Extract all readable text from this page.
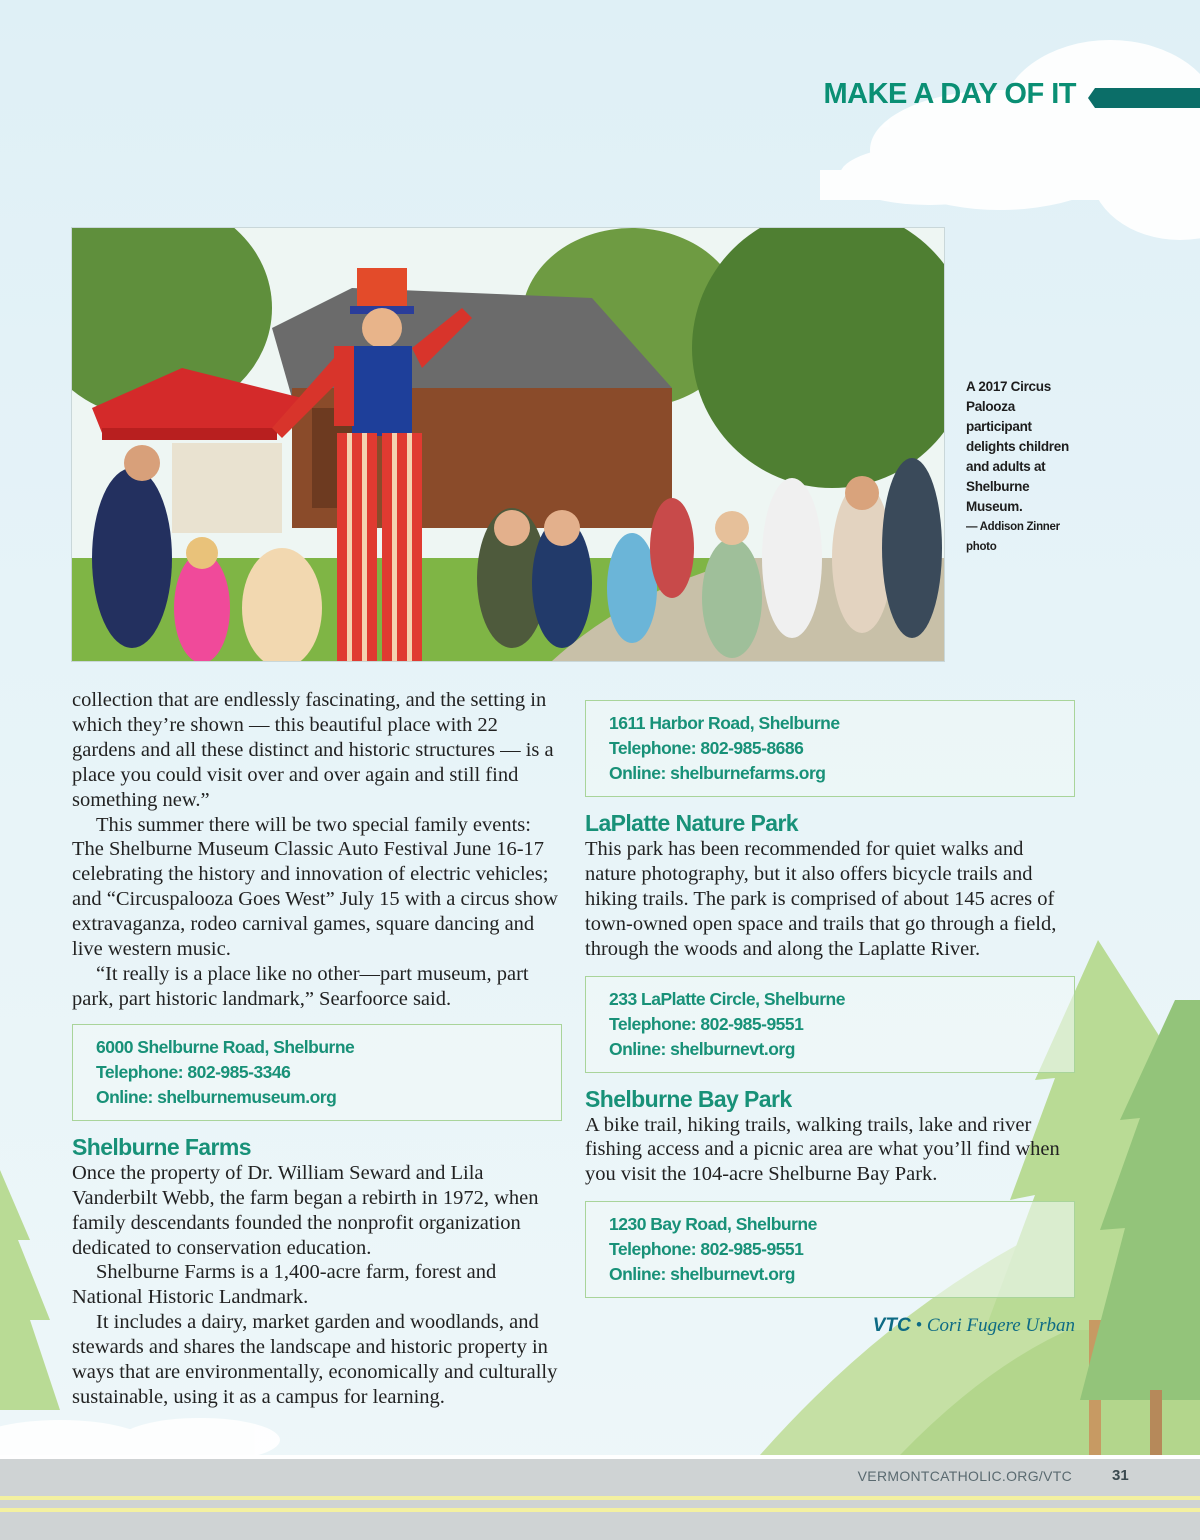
MAKE A DAY OF IT
A 2017 Circus Palooza participant delights children and adults at Shelburne Museum.
— Addison Zinner photo

collection that are endlessly fascinating, and the setting in which they’re shown — this beautiful place with 22 gardens and all these distinct and historic structures — is a place you could visit over and over again and still find something new.”

This summer there will be two special family events: The Shelburne Museum Classic Auto Festival June 16-17 celebrating the history and innovation of electric vehicles; and “Circuspalooza Goes West” July 15 with a circus show extravaganza, rodeo carnival games, square dancing and live western music.

“It really is a place like no other—part museum, part park, part historic landmark,” Searfoorce said.

6000 Shelburne Road, Shelburne
Telephone: 802-985-3346
Online: shelburnemuseum.org
Shelburne Farms

Once the property of Dr. William Seward and Lila Vanderbilt Webb, the farm began a rebirth in 1972, when family descendants founded the nonprofit organization dedicated to conservation education.

Shelburne Farms is a 1,400-acre farm, forest and National Historic Landmark.

It includes a dairy, market garden and woodlands, and stewards and shares the landscape and historic property in ways that are environmentally, economically and culturally sustainable, using it as a campus for learning.

1611 Harbor Road, Shelburne
Telephone: 802-985-8686
Online: shelburnefarms.org
LaPlatte Nature Park

This park has been recommended for quiet walks and nature photography, but it also offers bicycle trails and hiking trails. The park is comprised of about 145 acres of town-owned open space and trails that go through a field, through the woods and along the Laplatte River.

233 LaPlatte Circle, Shelburne
Telephone: 802-985-9551
Online: shelburnevt.org
Shelburne Bay Park

A bike trail, hiking trails, walking trails, lake and river fishing access and a picnic area are what you’ll find when you visit the 104-acre Shelburne Bay Park.

1230 Bay Road, Shelburne
Telephone: 802-985-9551
Online: shelburnevt.org
VTC • Cori Fugere Urban
VERMONTCATHOLIC.ORG/VTC	31
